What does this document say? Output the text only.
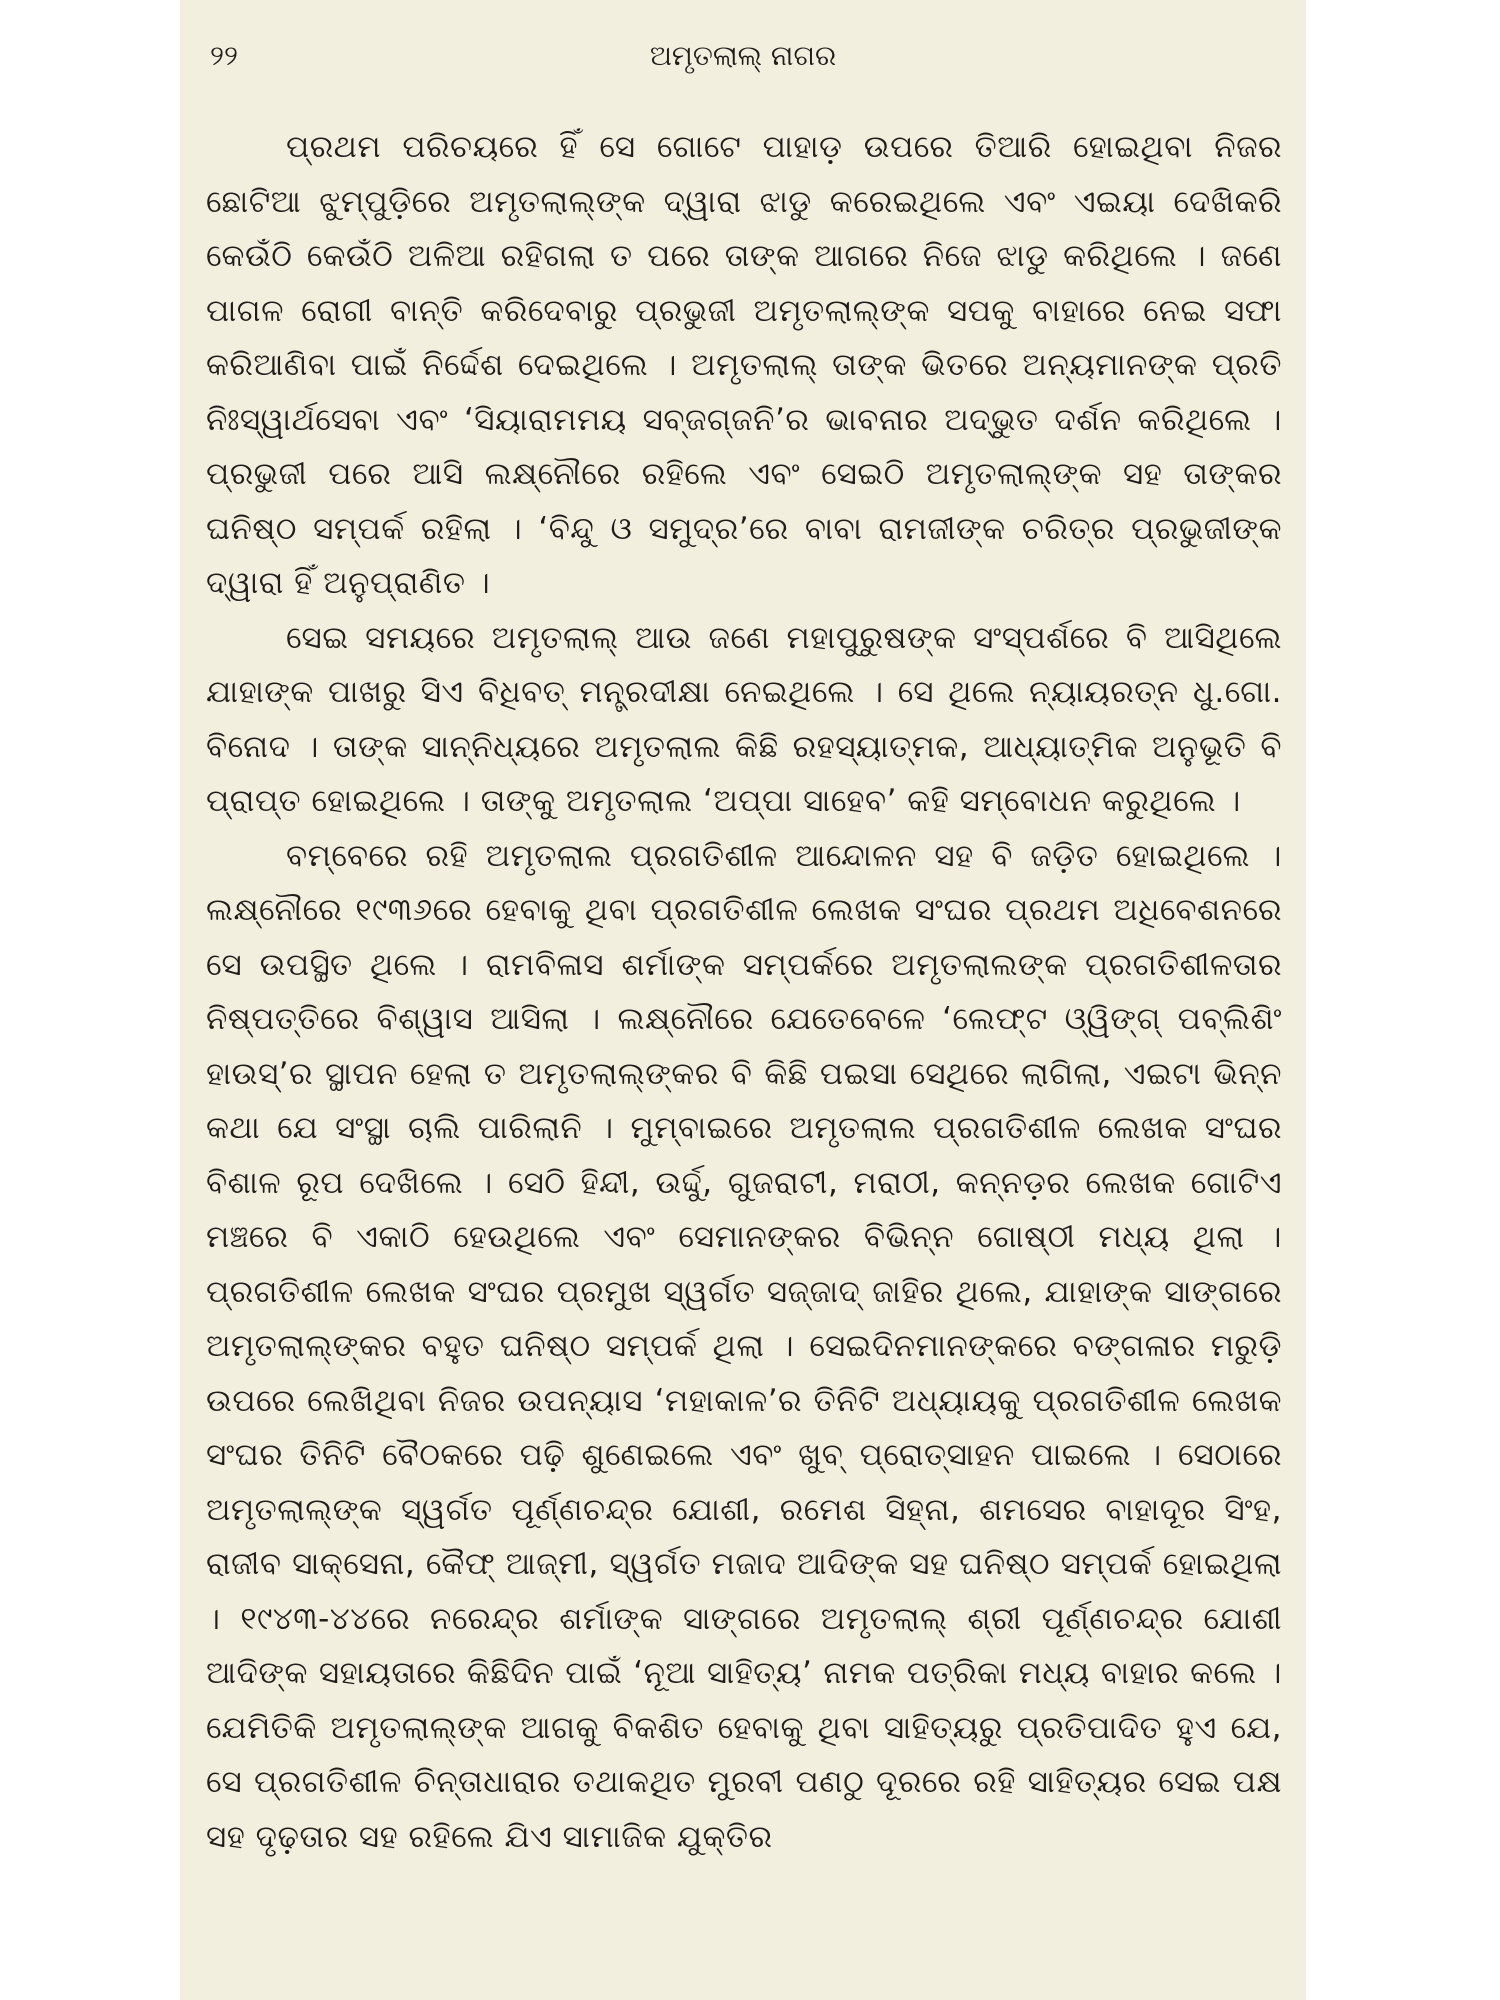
୨୨	ଅମୃତଲାଲ୍ ନାଗର

ପ୍ରଥମ ପରିଚୟରେ ହିଁ ସେ ଗୋଟେ ପାହାଡ଼ ଉପରେ ତିଆରି ହୋଇଥିବା ନିଜର ଛୋଟିଆ ଝୁମ୍ପୁଡ଼ିରେ ଅମୃତଲାଲ୍ଙ୍କ ଦ୍ୱାରା ଝାଡୁ କରେଇଥିଲେ ଏବଂ ଏଇୟା ଦେଖିକରି କେଉଁଠି କେଉଁଠି ଅଳିଆ ରହିଗଲା ତ ପରେ ତାଙ୍କ ଆଗରେ ନିଜେ ଝାଡୁ କରିଥିଲେ । ଜଣେ ପାଗଳ ରୋଗୀ ବାନ୍ତି କରିଦେବାରୁ ପ୍ରଭୁଜୀ ଅମୃତଲାଲ୍ଙ୍କ ସପକୁ ବାହାରେ ନେଇ ସଫା କରିଆଣିବା ପାଇଁ ନିର୍ଦ୍ଦେଶ ଦେଇଥିଲେ । ଅମୃତଲାଲ୍ ତାଙ୍କ ଭିତରେ ଅନ୍ୟମାନଙ୍କ ପ୍ରତି ନିଃସ୍ୱାର୍ଥସେବା ଏବଂ ‘ସିୟାରାମମୟ ସବ୍‌ଜଗ୍‌ଜନି’ର ଭାବନାର ଅଦ୍ଭୁତ ଦର୍ଶନ କରିଥିଲେ । ପ୍ରଭୁଜୀ ପରେ ଆସି ଲକ୍ଷ୍ନୌରେ ରହିଲେ ଏବଂ ସେଇଠି ଅମୃତଲାଲ୍ଙ୍କ ସହ ତାଙ୍କର ଘନିଷ୍ଠ ସମ୍ପର୍କ ରହିଲା । ‘ବିନ୍ଦୁ ଓ ସମୁଦ୍ର’ରେ ବାବା ରାମଜୀଙ୍କ ଚରିତ୍ର ପ୍ରଭୁଜୀଙ୍କ ଦ୍ୱାରା ହିଁ ଅନୁପ୍ରାଣିତ ।

ସେଇ ସମୟରେ ଅମୃତଲାଲ୍ ଆଉ ଜଣେ ମହାପୁରୁଷଙ୍କ ସଂସ୍ପର୍ଶରେ ବି ଆସିଥିଲେ ଯାହାଙ୍କ ପାଖରୁ ସିଏ ବିଧିବତ୍ ମନ୍ତ୍ରଦୀକ୍ଷା ନେଇଥିଲେ । ସେ ଥିଲେ ନ୍ୟାୟରତ୍ନ ଧୁ.ଗୋ. ବିନୋଦ । ତାଙ୍କ ସାନ୍ନିଧ୍ୟରେ ଅମୃତଲାଲ କିଛି ରହସ୍ୟାତ୍ମକ, ଆଧ୍ୟାତ୍ମିକ ଅନୁଭୂତି ବି ପ୍ରାପ୍ତ ହୋଇଥିଲେ । ତାଙ୍କୁ ଅମୃତଲାଲ ‘ଅପ୍ପା ସାହେବ’ କହି ସମ୍ବୋଧନ କରୁଥିଲେ ।

ବମ୍ବେରେ ରହି ଅମୃତଲାଲ ପ୍ରଗତିଶୀଳ ଆନ୍ଦୋଳନ ସହ ବି ଜଡ଼ିତ ହୋଇଥିଲେ । ଲକ୍ଷ୍ନୌରେ ୧୯୩୬ରେ ହେବାକୁ ଥିବା ପ୍ରଗତିଶୀଳ ଲେଖକ ସଂଘର ପ୍ରଥମ ଅଧିବେଶନରେ ସେ ଉପସ୍ଥିତ ଥିଲେ । ରାମବିଳାସ ଶର୍ମାଙ୍କ ସମ୍ପର୍କରେ ଅମୃତଲାଲଙ୍କ ପ୍ରଗତିଶୀଳତାର ନିଷ୍ପତ୍ତିରେ ବିଶ୍ୱାସ ଆସିଲା । ଲକ୍ଷ୍ନୌରେ ଯେତେବେଳେ ‘ଲେଫ୍‌ଟ ଓ୍ୱିଙ୍ଗ୍ ପବ୍ଲିଶିଂ ହାଉସ୍’ର ସ୍ଥାପନ ହେଲା ତ ଅମୃତଲାଲ୍ଙ୍କର ବି କିଛି ପଇସା ସେଥିରେ ଲାଗିଲା, ଏଇଟା ଭିନ୍ନ କଥା ଯେ ସଂସ୍ଥା ଚାଲି ପାରିଲାନି । ମୁମ୍ବାଇରେ ଅମୃତଲାଲ ପ୍ରଗତିଶୀଳ ଲେଖକ ସଂଘର ବିଶାଳ ରୂପ ଦେଖିଲେ । ସେଠି ହିନ୍ଦୀ, ଉର୍ଦ୍ଦୁ, ଗୁଜରାଟୀ, ମରାଠୀ, କନ୍ନଡ଼ର ଲେଖକ ଗୋଟିଏ ମଞ୍ଚରେ ବି ଏକାଠି ହେଉଥିଲେ ଏବଂ ସେମାନଙ୍କର ବିଭିନ୍ନ ଗୋଷ୍ଠୀ ମଧ୍ୟ ଥିଲା । ପ୍ରଗତିଶୀଳ ଲେଖକ ସଂଘର ପ୍ରମୁଖ ସ୍ୱର୍ଗତ ସଜ୍ଜାଦ୍ ଜାହିର ଥିଲେ, ଯାହାଙ୍କ ସାଙ୍ଗରେ ଅମୃତଲାଲ୍ଙ୍କର ବହୁତ ଘନିଷ୍ଠ ସମ୍ପର୍କ ଥିଲା । ସେଇଦିନମାନଙ୍କରେ ବଙ୍ଗଳାର ମରୁଡ଼ି ଉପରେ ଲେଖିଥିବା ନିଜର ଉପନ୍ୟାସ ‘ମହାକାଳ’ର ତିନିଟି ଅଧ୍ୟାୟକୁ ପ୍ରଗତିଶୀଳ ଲେଖକ ସଂଘର ତିନିଟି ବୈଠକରେ ପଢ଼ି ଶୁଣେଇଲେ ଏବଂ ଖୁବ୍ ପ୍ରୋତ୍ସାହନ ପାଇଲେ । ସେଠାରେ ଅମୃତଲାଲ୍ଙ୍କ ସ୍ୱର୍ଗତ ପୂର୍ଣ୍ଣଚନ୍ଦ୍ର ଯୋଶୀ, ରମେଶ ସିହ୍ନା, ଶମସେର ବାହାଦୂର ସିଂହ, ରାଜୀବ ସାକ୍‌ସେନା, କୈଫ୍ ଆଜ୍‌ମୀ, ସ୍ୱର୍ଗତ ମଜାଦ ଆଦିଙ୍କ ସହ ଘନିଷ୍ଠ ସମ୍ପର୍କ ହୋଇଥିଲା । ୧୯୪୩-୪୪ରେ ନରେନ୍ଦ୍ର ଶର୍ମାଙ୍କ ସାଙ୍ଗରେ ଅମୃତଲାଲ୍ ଶ୍ରୀ ପୂର୍ଣ୍ଣଚନ୍ଦ୍ର ଯୋଶୀ ଆଦିଙ୍କ ସହାୟତାରେ କିଛିଦିନ ପାଇଁ ‘ନୂଆ ସାହିତ୍ୟ’ ନାମକ ପତ୍ରିକା ମଧ୍ୟ ବାହାର କଲେ । ଯେମିତିକି ଅମୃତଲାଲ୍ଙ୍କ ଆଗକୁ ବିକଶିତ ହେବାକୁ ଥିବା ସାହିତ୍ୟରୁ ପ୍ରତିପାଦିତ ହୁଏ ଯେ, ସେ ପ୍ରଗତିଶୀଳ ଚିନ୍ତାଧାରାର ତଥାକଥିତ ମୁରବୀ ପଣଠୁ ଦୂରରେ ରହି ସାହିତ୍ୟର ସେଇ ପକ୍ଷ ସହ ଦୃଢ଼ତାର ସହ ରହିଲେ ଯିଏ ସାମାଜିକ ଯୁକ୍ତିର
